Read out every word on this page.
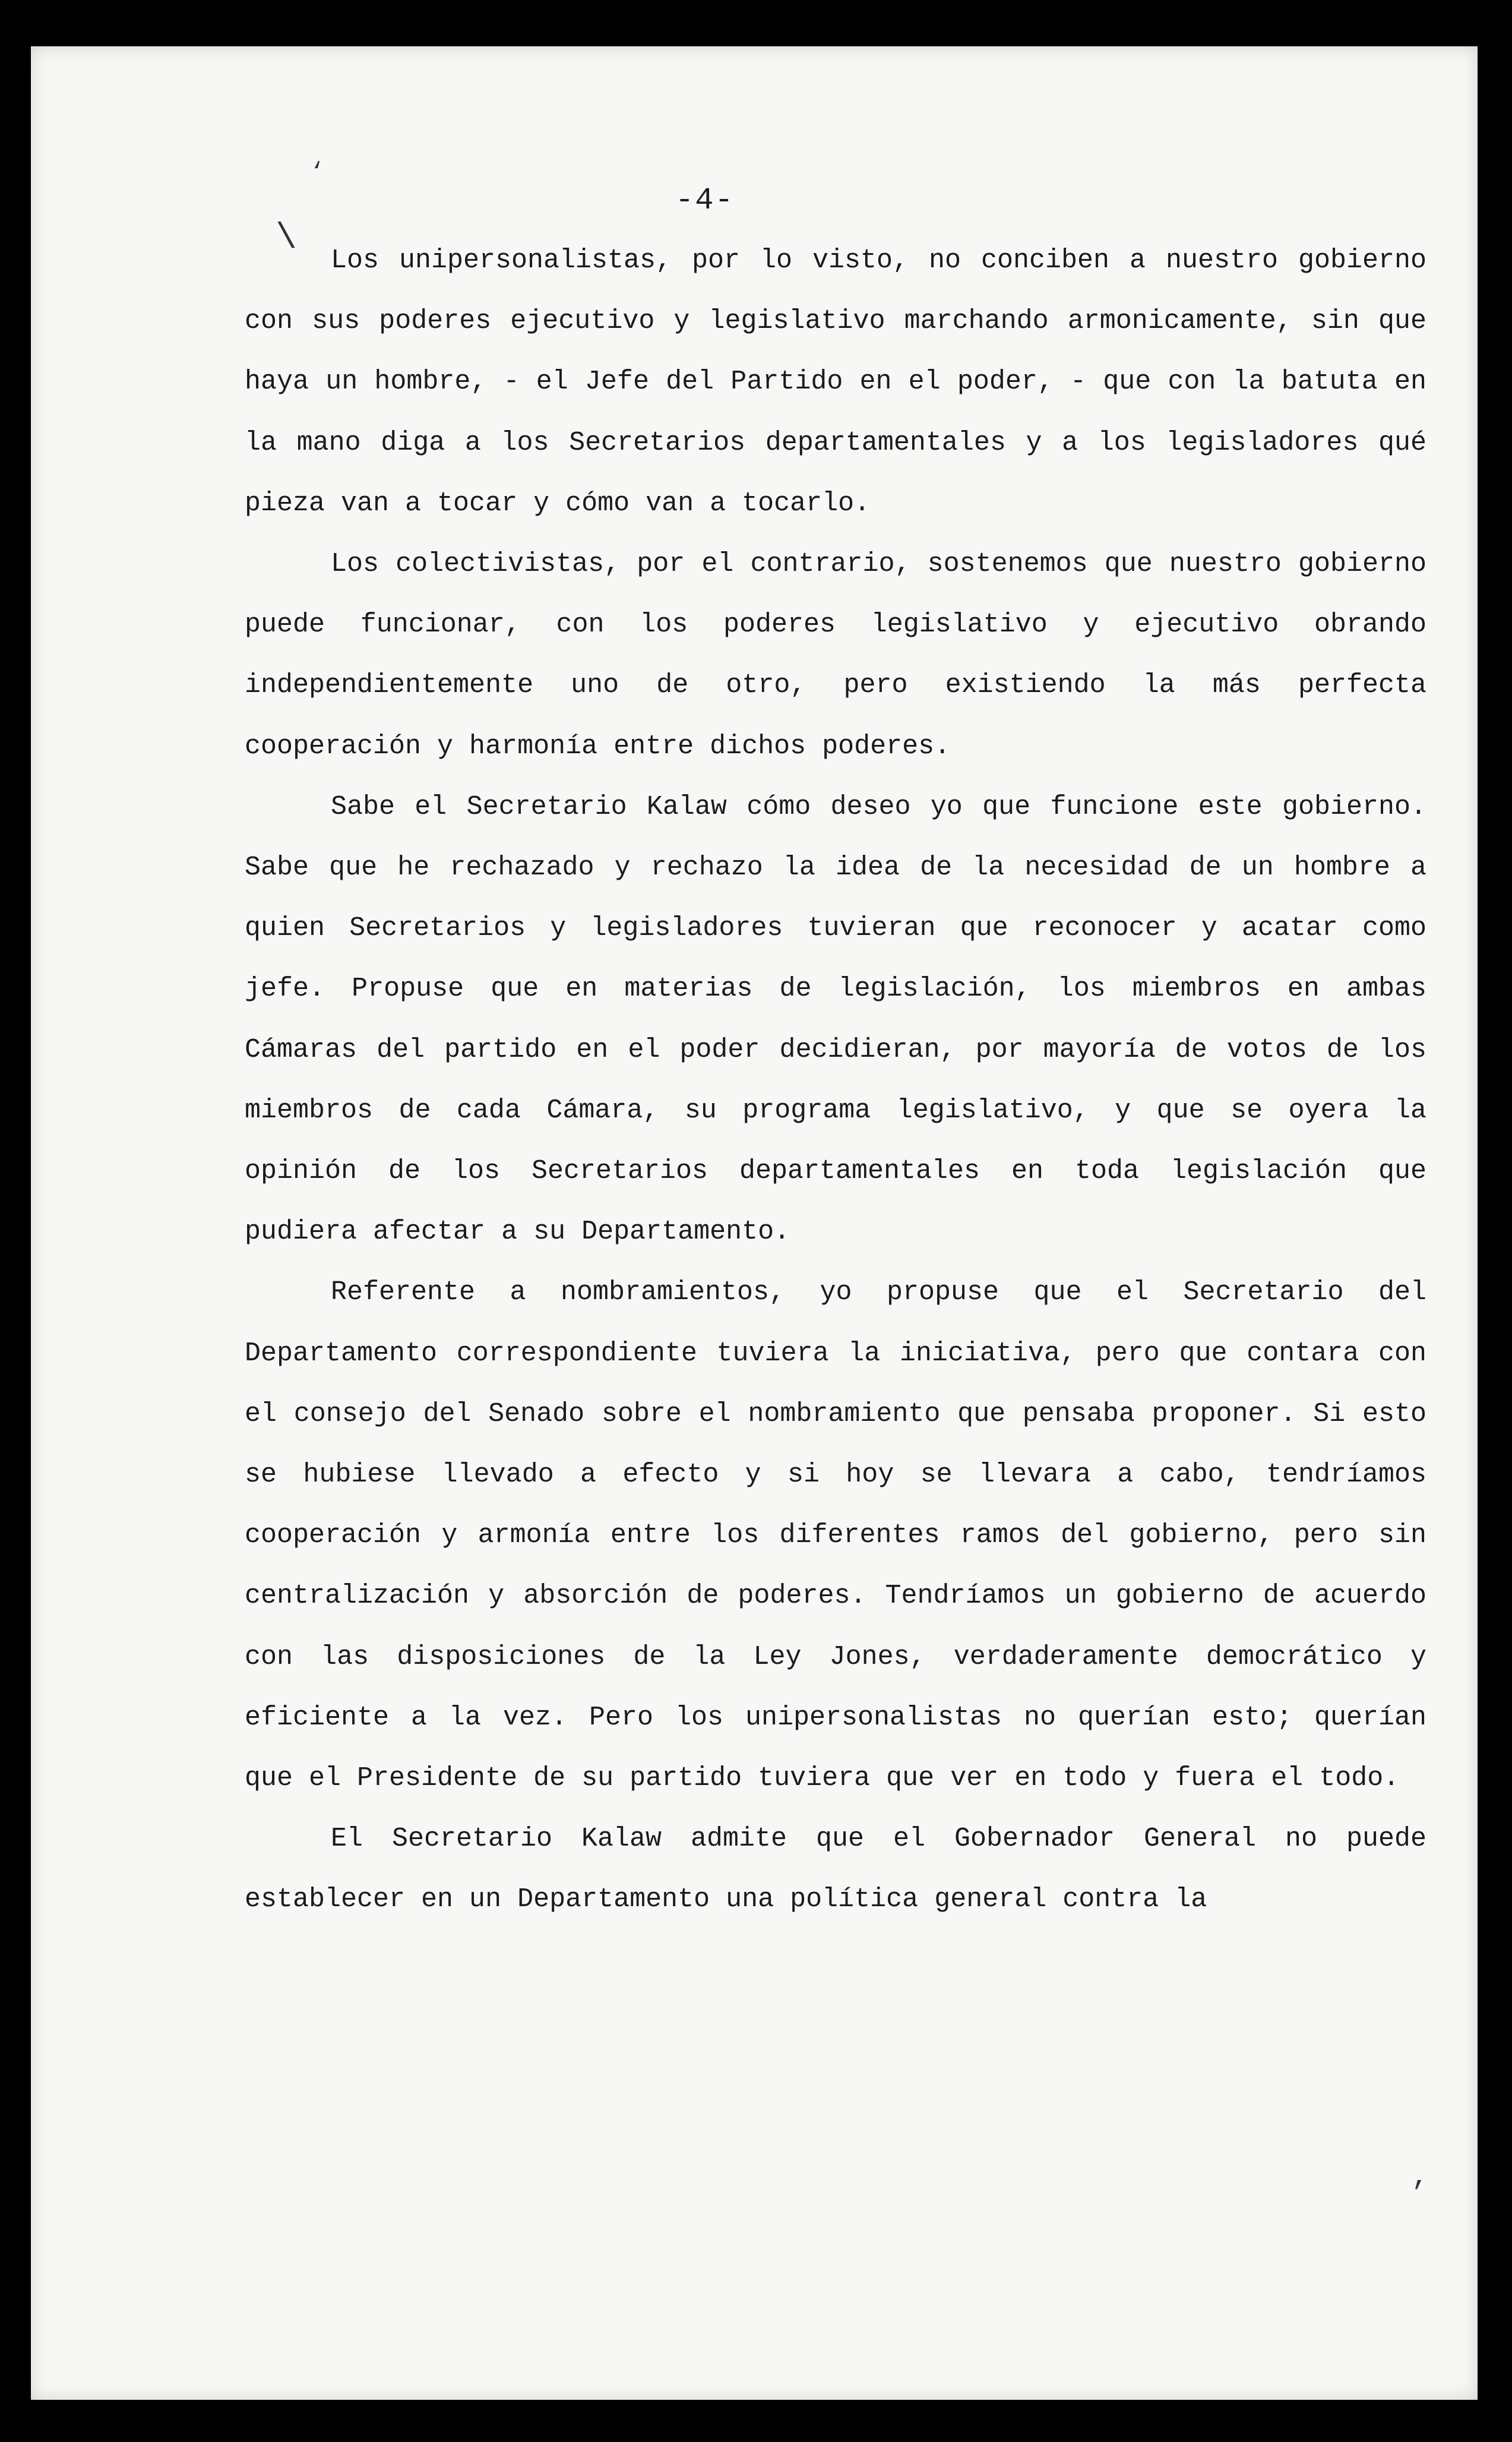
‘
\
,
-4-

Los unipersonalistas, por lo visto, no conciben a nuestro gobierno con sus poderes ejecutivo y legislativo marchando armonicamente, sin que haya un hombre, - el Jefe del Partido en el poder, - que con la batuta en la mano diga a los Secretarios departamentales y a los legisladores qué pieza van a tocar y cómo van a tocarlo.

Los colectivistas, por el contrario, sostenemos que nuestro gobierno puede funcionar, con los poderes legislativo y ejecutivo obrando independientemente uno de otro, pero existiendo la más perfecta cooperación y harmonía entre dichos poderes.

Sabe el Secretario Kalaw cómo deseo yo que funcione este gobierno. Sabe que he rechazado y rechazo la idea de la necesidad de un hombre a quien Secretarios y legisladores tuvieran que reconocer y acatar como jefe. Propuse que en materias de legislación, los miembros en ambas Cámaras del partido en el poder decidieran, por mayoría de votos de los miembros de cada Cámara, su programa legislativo, y que se oyera la opinión de los Secretarios departamentales en toda legislación que pudiera afectar a su Departamento.

Referente a nombramientos, yo propuse que el Secretario del Departamento correspondiente tuviera la iniciativa, pero que contara con el consejo del Senado sobre el nombramiento que pensaba proponer. Si esto se hubiese llevado a efecto y si hoy se llevara a cabo, tendríamos cooperación y armonía entre los diferentes ramos del gobierno, pero sin centralización y absorción de poderes. Tendríamos un gobierno de acuerdo con las disposiciones de la Ley Jones, verdaderamente democrático y eficiente a la vez. Pero los unipersonalistas no querían esto; querían que el Presidente de su partido tuviera que ver en todo y fuera el todo.

El Secretario Kalaw admite que el Gobernador General no puede establecer en un Departamento una política general contra la
